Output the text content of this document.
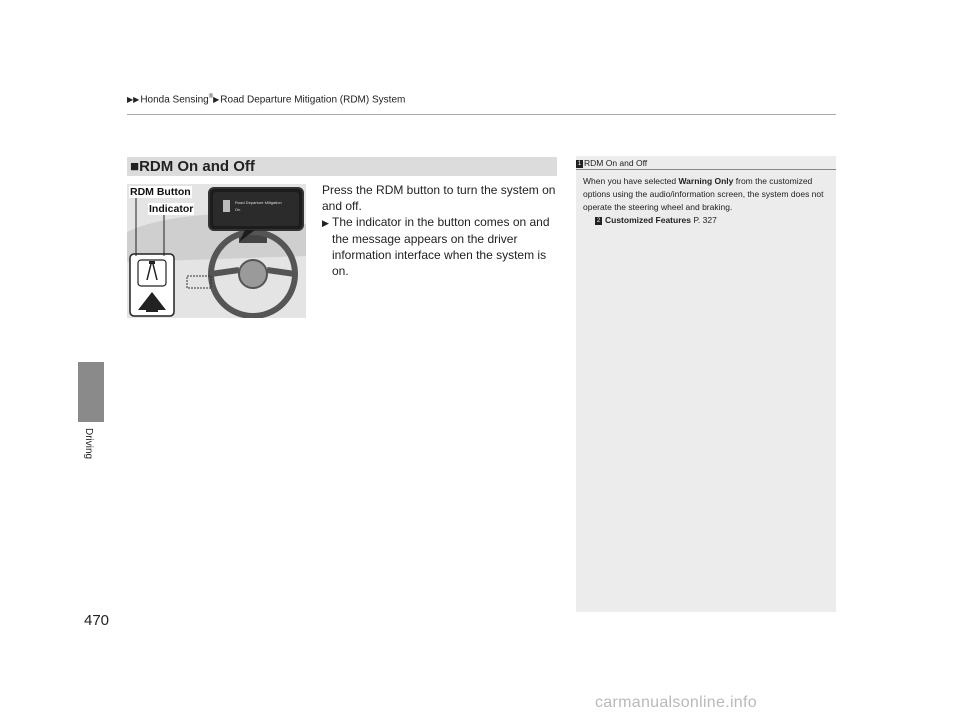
▶▶Honda Sensing®▶Road Departure Mitigation (RDM) System
Driving
470
■RDM On and Off
Press the RDM button to turn the system on and off.
▶ The indicator in the button comes on and the message appears on the driver information interface when the system is on.
Road Departure Mitigation
On
RDM Button
Indicator
1 RDM On and Off
When you have selected Warning Only from the customized options using the audio/information screen, the system does not operate the steering wheel and braking.
2 Customized Features P. 327
carmanualsonline.info
